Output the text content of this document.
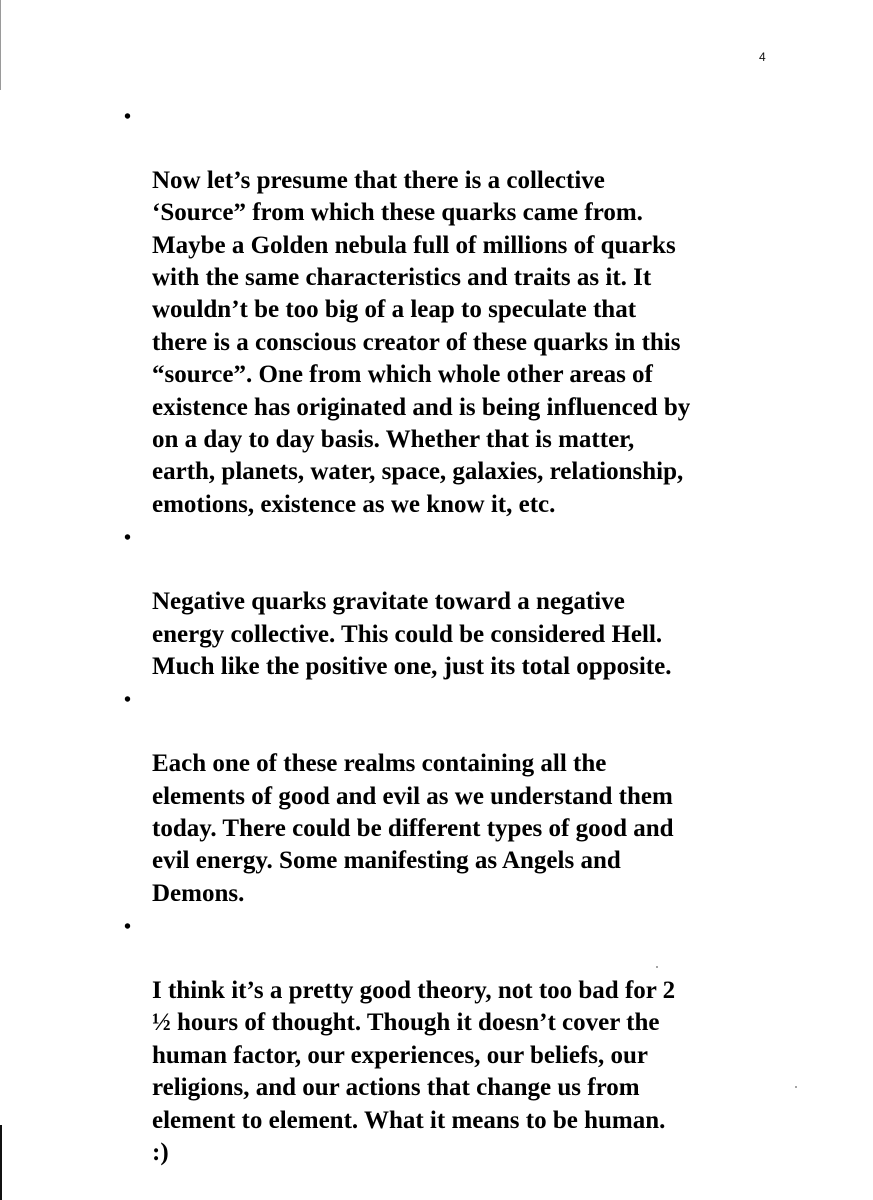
4

•

Now let’s presume that there is a collective
‘Source” from which these quarks came from.
Maybe a Golden nebula full of millions of quarks
with the same characteristics and traits as it. It
wouldn’t be too big of a leap to speculate that
there is a conscious creator of these quarks in this
“source”. One from which whole other areas of
existence has originated and is being influenced by
on a day to day basis. Whether that is matter,
earth, planets, water, space, galaxies, relationship,
emotions, existence as we know it, etc.

•

Negative quarks gravitate toward a negative
energy collective. This could be considered Hell.
Much like the positive one, just its total opposite.

•

Each one of these realms containing all the
elements of good and evil as we understand them
today. There could be different types of good and
evil energy. Some manifesting as Angels and
Demons.

•

I think it’s a pretty good theory, not too bad for 2
½ hours of thought. Though it doesn’t cover the
human factor, our experiences, our beliefs, our
religions, and our actions that change us from
element to element. What it means to be human.
:)
